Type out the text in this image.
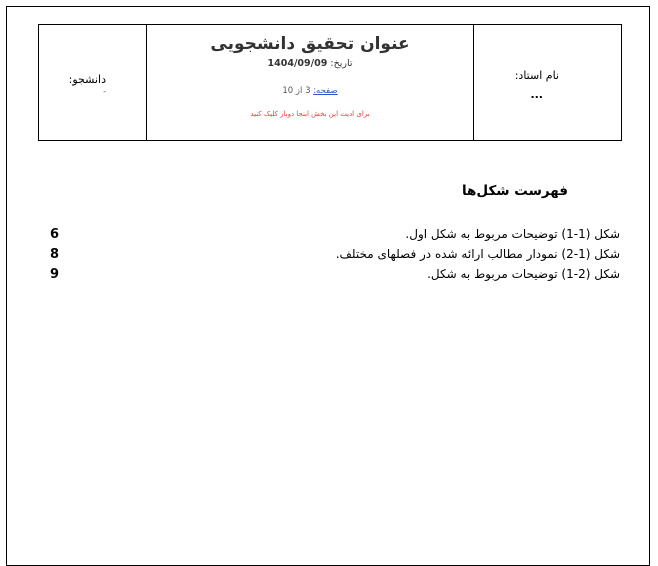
دانشجو:
-
عنوان تحقیق دانشجویی
تاریخ: 1404/09/09
صفحه: 3 از 10
برای ادیت این بخش اینجا دوبار کلیک کنید
نام استاد:
...
فهرست شکل‌ها
6	شکل (1-1) توضیحات مربوط به شکل اول.
8	شکل (1-2) نمودار مطالب ارائه شده در فصلهای مختلف.
9	شکل (2-1) توضیحات مربوط به شکل.
